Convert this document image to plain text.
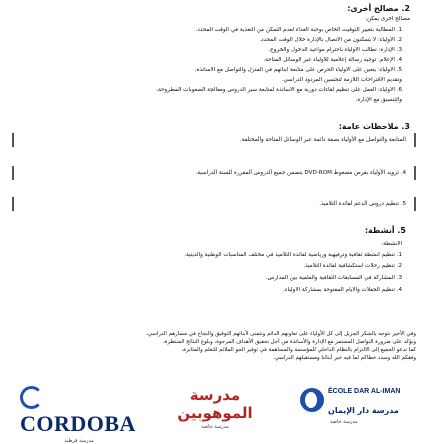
2. مصالح أخرى:
مصالح أخرى يمكن:
1. المطالبة بتغيير التوقيت الخاص بوجبة الغداء لعدم التمكن من التغذية في الوقت المحدد.
2. الأولياء: لا يتمكنون من الاتصال بالإدارة خلال الوقت المحدد.
3. الإدارة: تطالب الأولياء باحترام مواعيد الدخول والخروج.
4. الإعلام: توجيه رسالة إعلامية للأولياء عبر الوسائل المتاحة.
5. الأولياء: يتعين على الأولياء الحرص على متابعة أبنائهم في المنزل والتواصل مع الأساتذة،
وتقديم الاقتراحات اللازمة لتحسين المردود الدراسي.
6. الأولياء: العمل على تنظيم لقاءات دورية مع الأساتذة لمتابعة سير الدروس ومعالجة الصعوبات المطروحة،
والتنسيق مع الإدارة.
3. ملاحظات عامة:
المتابعة والتواصل مع الأولياء بصفة دائمة عبر الوسائل المتاحة والمختلفة.
4. تزويد الأولياء بقرص مضغوط DVD-ROM يتضمن جميع الدروس المقررة للسنة الدراسية.
5. تنظيم دروس الدعم لفائدة التلاميذ.
5. أنشطة:
الأنشطة:
1. تنظيم أنشطة ثقافية وترفيهية ورياضية لفائدة التلاميذ في مختلف المناسبات الوطنية والدينية.
2. تنظيم رحلات استكشافية لفائدة التلاميذ.
3. المشاركة في المسابقات الثقافية والعلمية بين المدارس.
4. تنظيم الحفلات والأيام المفتوحة بمشاركة الأولياء.

وفي الأخير نتوجه بالشكر الجزيل إلى كل الأولياء على تعاونهم الدائم ونتمنى لأبنائهم التوفيق والنجاح في مسارهم الدراسي،

ونؤكد على ضرورة التواصل المستمر مع الإدارة والأساتذة من أجل تحقيق الأهداف المرجوة، وبلوغ النتائج المنتظرة،

كما ندعو الجميع إلى الالتزام بالنظام الداخلي للمؤسسة والمساهمة في توفير الجو الملائم للتعلم والمثابرة،

وفقكم الله وسدد خطاكم لما فيه خير أبنائنا ومستقبلهم الدراسي.

CORDOBA
مدرسة قرطبة
مدرسة الموهوبين
مدرسة خاصة
ÉCOLE DAR AL-IMAN
مدرسة دار الإيمان
مدرسة خاصة
